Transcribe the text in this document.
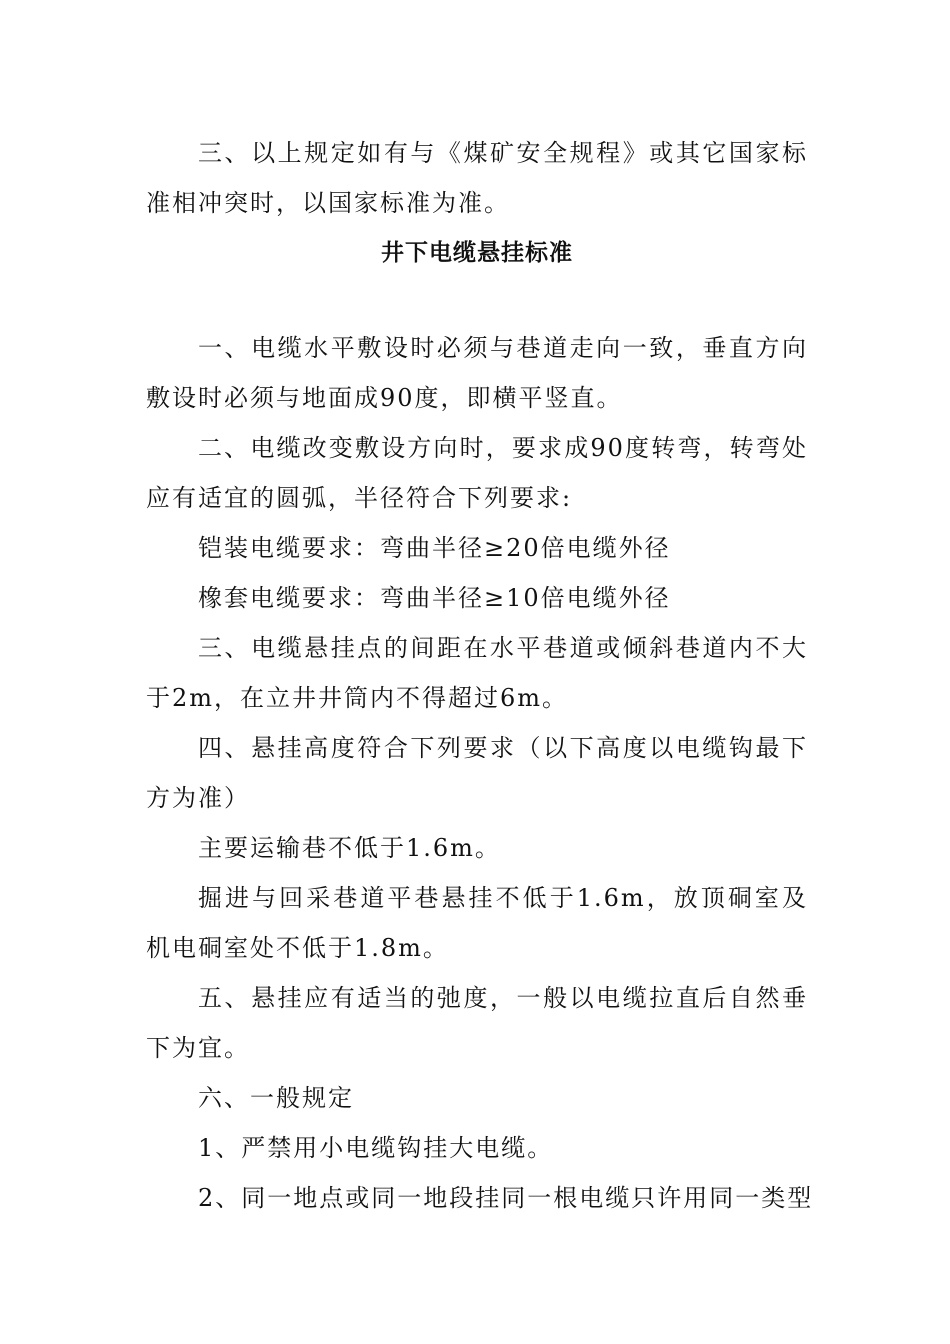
三、以上规定如有与《煤矿安全规程》或其它国家标准相冲突时，以国家标准为准。

井下电缆悬挂标准

一、电缆水平敷设时必须与巷道走向一致，垂直方向敷设时必须与地面成90度，即横平竖直。

二、电缆改变敷设方向时，要求成90度转弯，转弯处应有适宜的圆弧，半径符合下列要求:

铠装电缆要求：弯曲半径≥20倍电缆外径

橡套电缆要求：弯曲半径≥10倍电缆外径

三、电缆悬挂点的间距在水平巷道或倾斜巷道内不大于2m，在立井井筒内不得超过6m。

四、悬挂高度符合下列要求（以下高度以电缆钩最下方为准）

主要运输巷不低于1.6m。

掘进与回采巷道平巷悬挂不低于1.6m，放顶硐室及机电硐室处不低于1.8m。

五、悬挂应有适当的弛度，一般以电缆拉直后自然垂下为宜。

六、一般规定

1、严禁用小电缆钩挂大电缆。

2、同一地点或同一地段挂同一根电缆只许用同一类型
